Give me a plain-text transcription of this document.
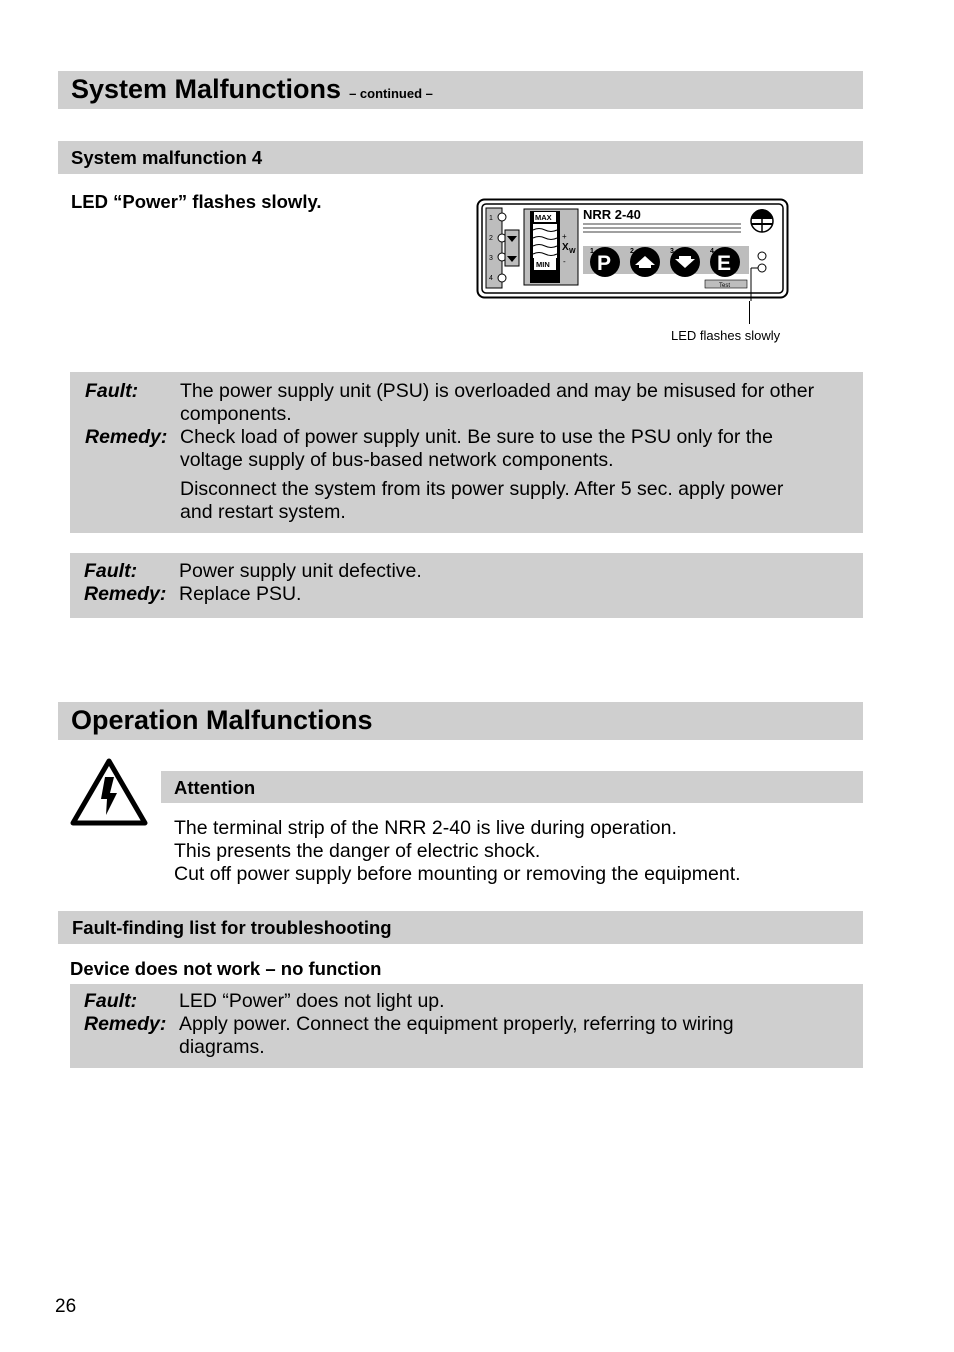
System Malfunctions – continued –
System malfunction 4
LED “Power” flashes slowly.
1
2
3
4
MAX
MIN
+
X W
-
NRR 2-40
1	2	3	4
P	E
Test
LED flashes slowly
Fault: The power supply unit (PSU) is overloaded and may be misused for other
components.
Remedy: Check load of power supply unit. Be sure to use the PSU only for the
voltage supply of bus-based network components.
Disconnect the system from its power supply. After 5 sec. apply power
and restart system.
Fault: Power supply unit defective.
Remedy: Replace PSU.
Operation Malfunctions
Attention
The terminal strip of the NRR 2-40 is live during operation.
This presents the danger of electric shock.
Cut off power supply before mounting or removing the equipment.
Fault-finding list for troubleshooting
Device does not work – no function
Fault: LED “Power” does not light up.
Remedy: Apply power. Connect the equipment properly, referring to wiring
diagrams.
26
